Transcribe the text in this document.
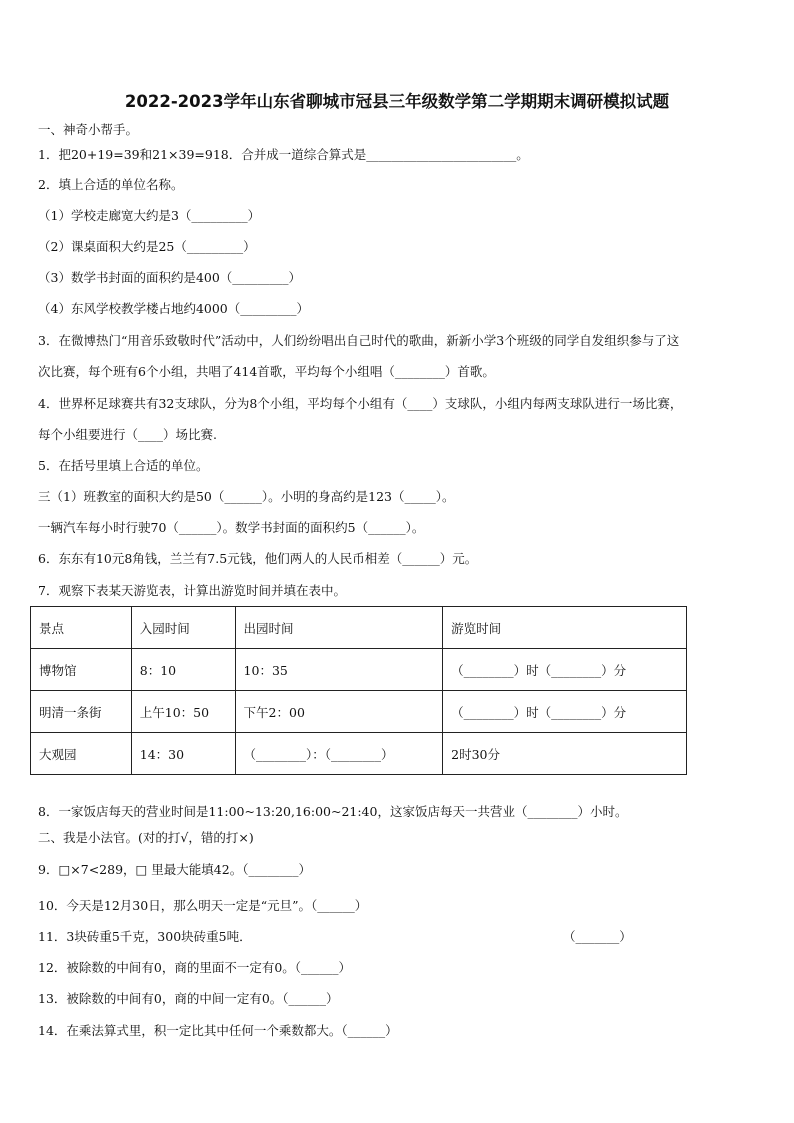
2022-2023学年山东省聊城市冠县三年级数学第二学期期末调研模拟试题
一、神奇小帮手。
1．把20+19=39和21×39=918．合并成一道综合算式是________________________。
2．填上合适的单位名称。
（1）学校走廊宽大约是3（_________）
（2）课桌面积大约是25（_________）
（3）数学书封面的面积约是400（_________）
（4）东风学校教学楼占地约4000（_________）
3．在微博热门“用音乐致敬时代”活动中，人们纷纷唱出自己时代的歌曲，新新小学3个班级的同学自发组织参与了这
次比赛，每个班有6个小组，共唱了414首歌，平均每个小组唱（________）首歌。
4．世界杯足球赛共有32支球队，分为8个小组，平均每个小组有（____）支球队，小组内每两支球队进行一场比赛，
每个小组要进行（____）场比赛.
5．在括号里填上合适的单位。
三（1）班教室的面积大约是50（______）。小明的身高约是123（_____）。
一辆汽车每小时行驶70（______）。数学书封面的面积约5（______）。
6．东东有10元8角钱，兰兰有7.5元钱，他们两人的人民币相差（______）元。
7．观察下表某天游览表，计算出游览时间并填在表中。
景点	入园时间	出园时间	游览时间
博物馆	8：10	10：35	（________）时（________）分
明清一条街	上午10：50	下午2：00	（________）时（________）分
大观园	14：30	（________）：（________）	2时30分
8．一家饭店每天的营业时间是11:00~13:20,16:00~21:40，这家饭店每天一共营业（________）小时。
二、我是小法官。(对的打√，错的打×)
9．□×7<289，□ 里最大能填42。（________）
10．今天是12月30日，那么明天一定是“元旦”。（______）
11．3块砖重5千克，300块砖重5吨．	（_______）
12．被除数的中间有0，商的里面不一定有0。（______）
13．被除数的中间有0，商的中间一定有0。（______）
14．在乘法算式里，积一定比其中任何一个乘数都大。（______）
